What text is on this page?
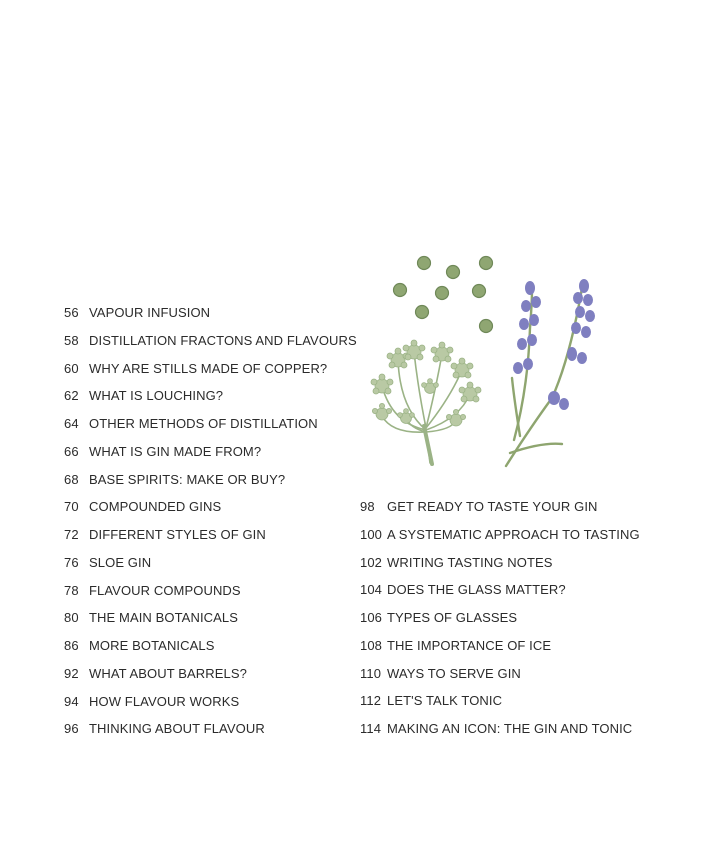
56 VAPOUR INFUSION
58 DISTILLATION FRACTONS AND FLAVOURS
60 WHY ARE STILLS MADE OF COPPER?
62 WHAT IS LOUCHING?
64 OTHER METHODS OF DISTILLATION
66 WHAT IS GIN MADE FROM?
68 BASE SPIRITS: MAKE OR BUY?
70 COMPOUNDED GINS
72 DIFFERENT STYLES OF GIN
76 SLOE GIN
78 FLAVOUR COMPOUNDS
80 THE MAIN BOTANICALS
86 MORE BOTANICALS
92 WHAT ABOUT BARRELS?
94 HOW FLAVOUR WORKS
96 THINKING ABOUT FLAVOUR
98 GET READY TO TASTE YOUR GIN
100 A SYSTEMATIC APPROACH TO TASTING
102 WRITING TASTING NOTES
104 DOES THE GLASS MATTER?
106 TYPES OF GLASSES
108 THE IMPORTANCE OF ICE
110 WAYS TO SERVE GIN
112 LET'S TALK TONIC
114 MAKING AN ICON: THE GIN AND TONIC
